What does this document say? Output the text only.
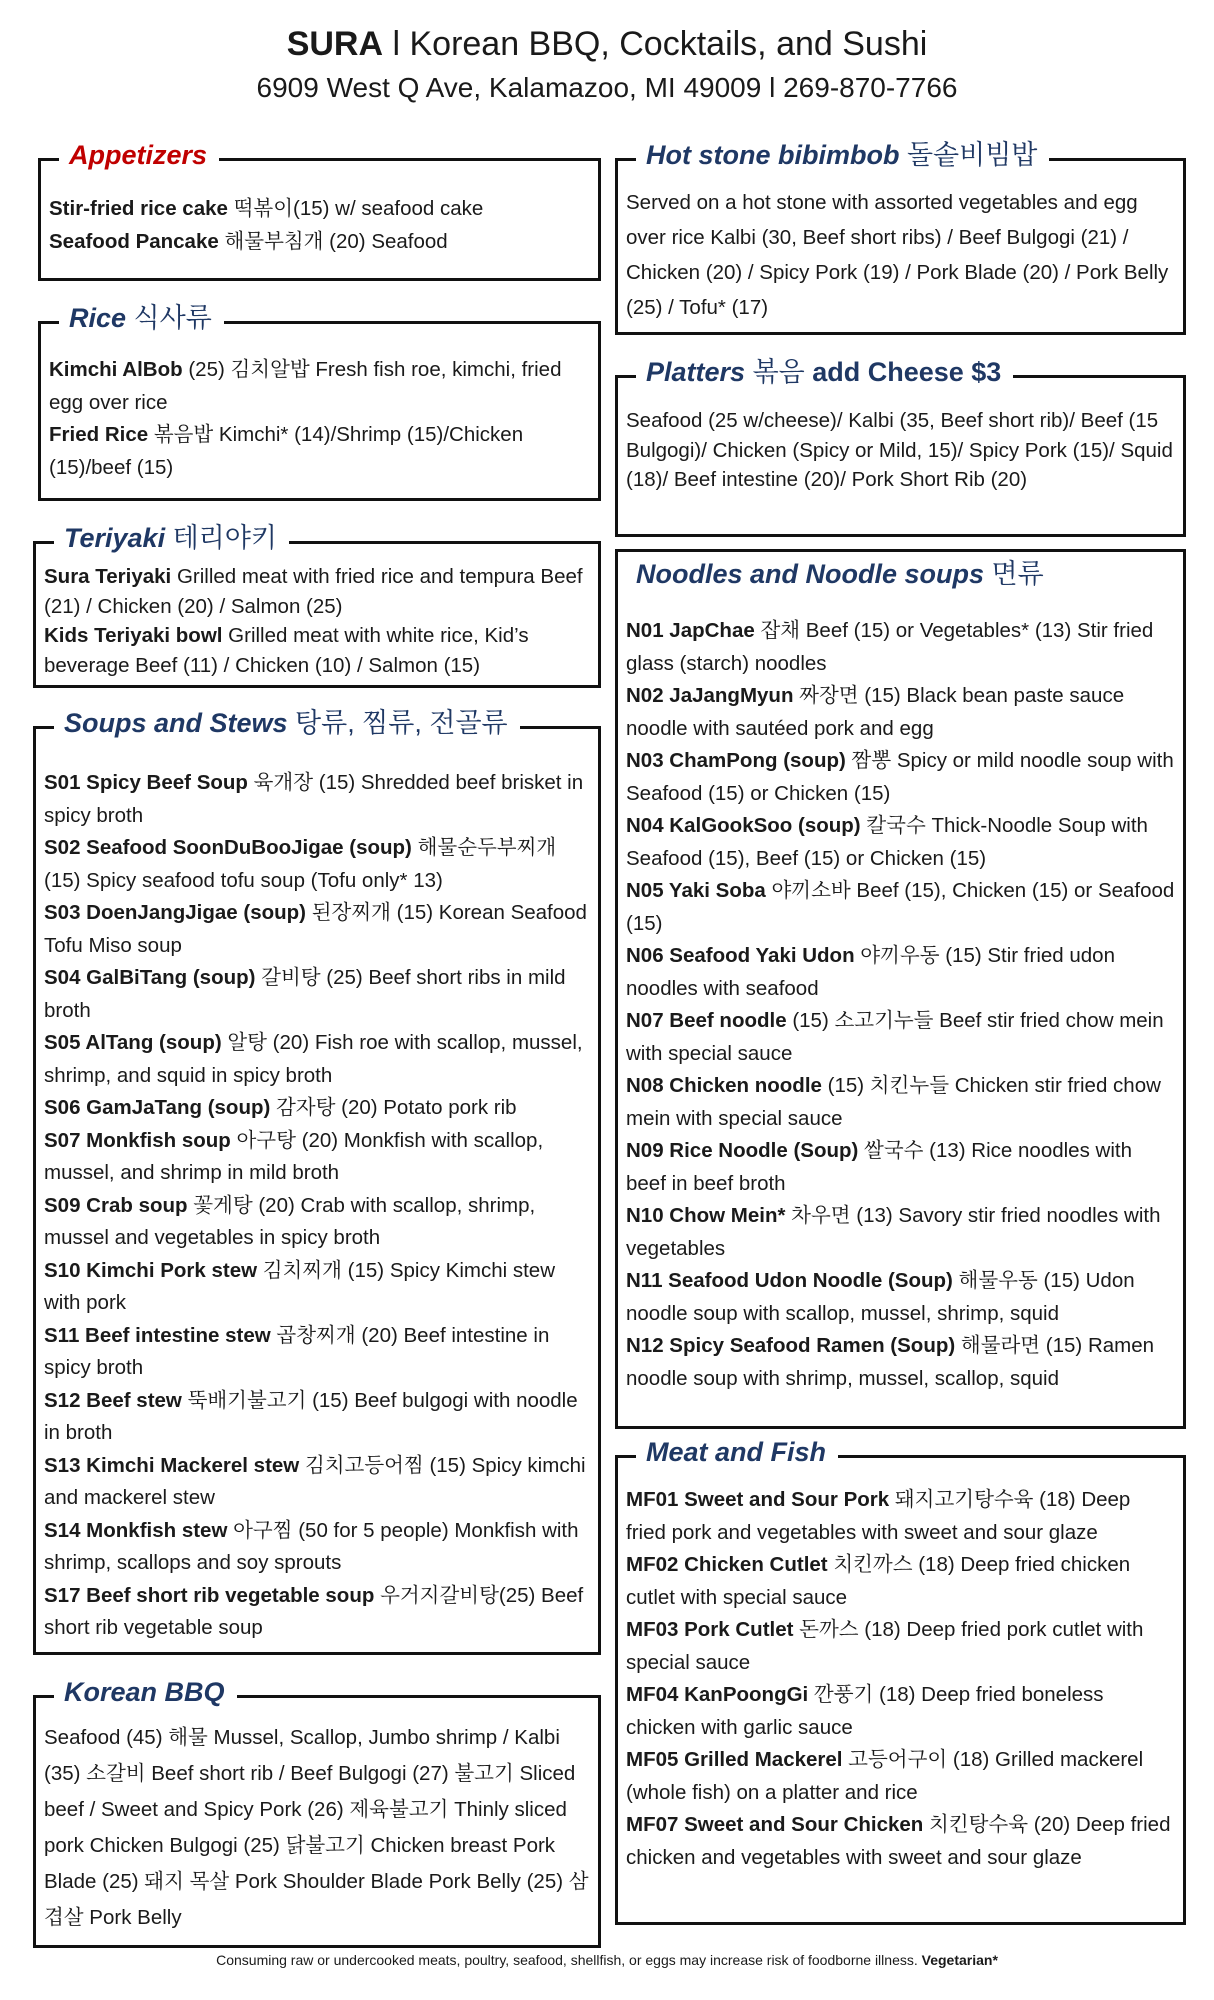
SURA l Korean BBQ, Cocktails, and Sushi
6909 West Q Ave, Kalamazoo, MI 49009 l 269-870-7766
Appetizers
Stir-fried rice cake 떡볶이(15) w/ seafood cake
Seafood Pancake 해물부침개 (20) Seafood
Rice 식사류
Kimchi AlBob (25) 김치알밥 Fresh fish roe, kimchi, fried egg over rice
Fried Rice 볶음밥 Kimchi* (14)/Shrimp (15)/Chicken (15)/beef (15)
Teriyaki 테리야키
Sura Teriyaki Grilled meat with fried rice and tempura Beef (21) / Chicken (20) / Salmon (25)
Kids Teriyaki bowl Grilled meat with white rice, Kid’s beverage Beef (11) / Chicken (10) / Salmon (15)
Soups and Stews 탕류, 찜류, 전골류
S01 Spicy Beef Soup 육개장 (15) Shredded beef brisket in spicy broth
S02 Seafood SoonDuBooJigae (soup) 해물순두부찌개 (15) Spicy seafood tofu soup (Tofu only* 13)
S03 DoenJangJigae (soup) 된장찌개 (15) Korean Seafood Tofu Miso soup
S04 GalBiTang (soup) 갈비탕 (25) Beef short ribs in mild broth
S05 AlTang (soup) 알탕 (20) Fish roe with scallop, mussel, shrimp, and squid in spicy broth
S06 GamJaTang (soup) 감자탕 (20) Potato pork rib
S07 Monkfish soup 아구탕 (20) Monkfish with scallop, mussel, and shrimp in mild broth
S09 Crab soup 꽃게탕 (20) Crab with scallop, shrimp, mussel and vegetables in spicy broth
S10 Kimchi Pork stew 김치찌개 (15) Spicy Kimchi stew with pork
S11 Beef intestine stew 곱창찌개 (20) Beef intestine in spicy broth
S12 Beef stew 뚝배기불고기 (15) Beef bulgogi with noodle in broth
S13 Kimchi Mackerel stew 김치고등어찜 (15) Spicy kimchi and mackerel stew
S14 Monkfish stew 아구찜 (50 for 5 people) Monkfish with shrimp, scallops and soy sprouts
S17 Beef short rib vegetable soup 우거지갈비탕(25) Beef short rib vegetable soup
Korean BBQ
Seafood (45) 해물 Mussel, Scallop, Jumbo shrimp / Kalbi (35) 소갈비 Beef short rib / Beef Bulgogi (27) 불고기 Sliced beef / Sweet and Spicy Pork (26) 제육불고기 Thinly sliced pork Chicken Bulgogi (25) 닭불고기 Chicken breast Pork Blade (25) 돼지 목살 Pork Shoulder Blade Pork Belly (25) 삼겹살 Pork Belly
Hot stone bibimbob 돌솥비빔밥
Served on a hot stone with assorted vegetables and egg over rice Kalbi (30, Beef short ribs) / Beef Bulgogi (21) / Chicken (20) / Spicy Pork (19) / Pork Blade (20) / Pork Belly (25) / Tofu* (17)
Platters 볶음 add Cheese $3
Seafood (25 w/cheese)/ Kalbi (35, Beef short rib)/ Beef (15 Bulgogi)/ Chicken (Spicy or Mild, 15)/ Spicy Pork (15)/ Squid (18)/ Beef intestine (20)/ Pork Short Rib (20)
Noodles and Noodle soups 면류
N01 JapChae 잡채 Beef (15) or Vegetables* (13) Stir fried glass (starch) noodles
N02 JaJangMyun 짜장면 (15) Black bean paste sauce noodle with sautéed pork and egg
N03 ChamPong (soup) 짬뽕 Spicy or mild noodle soup with Seafood (15) or Chicken (15)
N04 KalGookSoo (soup) 칼국수 Thick-Noodle Soup with Seafood (15), Beef (15) or Chicken (15)
N05 Yaki Soba 야끼소바 Beef (15), Chicken (15) or Seafood (15)
N06 Seafood Yaki Udon 야끼우동 (15) Stir fried udon noodles with seafood
N07 Beef noodle (15) 소고기누들 Beef stir fried chow mein with special sauce
N08 Chicken noodle (15) 치킨누들 Chicken stir fried chow mein with special sauce
N09 Rice Noodle (Soup) 쌀국수 (13) Rice noodles with beef in beef broth
N10 Chow Mein* 차우면 (13) Savory stir fried noodles with vegetables
N11 Seafood Udon Noodle (Soup) 해물우동 (15) Udon noodle soup with scallop, mussel, shrimp, squid
N12 Spicy Seafood Ramen (Soup) 해물라면 (15) Ramen noodle soup with shrimp, mussel, scallop, squid
Meat and Fish
MF01 Sweet and Sour Pork 돼지고기탕수육 (18) Deep fried pork and vegetables with sweet and sour glaze
MF02 Chicken Cutlet 치킨까스 (18) Deep fried chicken cutlet with special sauce
MF03 Pork Cutlet 돈까스 (18) Deep fried pork cutlet with special sauce
MF04 KanPoongGi 깐풍기 (18) Deep fried boneless chicken with garlic sauce
MF05 Grilled Mackerel 고등어구이 (18) Grilled mackerel (whole fish) on a platter and rice
MF07 Sweet and Sour Chicken 치킨탕수육 (20) Deep fried chicken and vegetables with sweet and sour glaze
Consuming raw or undercooked meats, poultry, seafood, shellfish, or eggs may increase risk of foodborne illness. Vegetarian*
